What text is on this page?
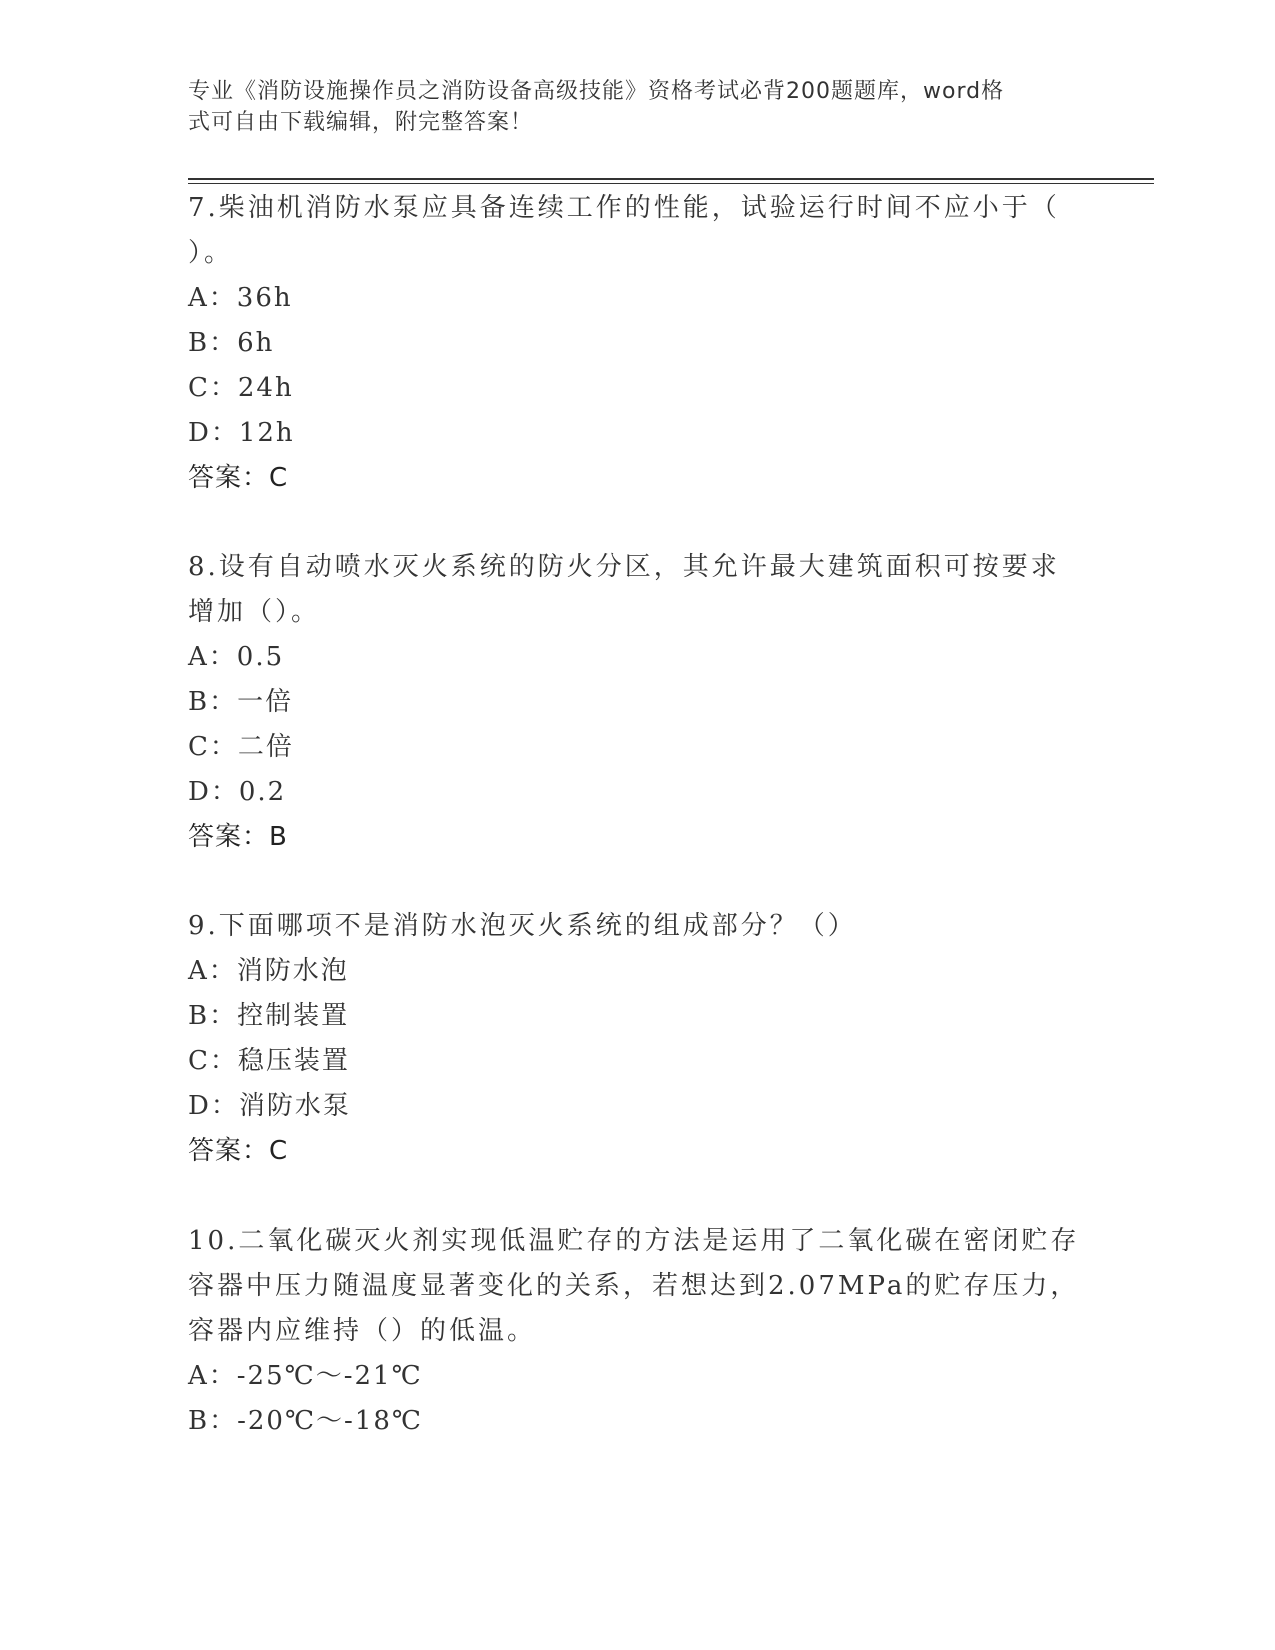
专业《消防设施操作员之消防设备高级技能》资格考试必背200题题库，word格
式可自由下载编辑，附完整答案！
7.柴油机消防水泵应具备连续工作的性能，试验运行时间不应小于（
）。
A：36h
B：6h
C：24h
D：12h
答案：C
8.设有自动喷水灭火系统的防火分区，其允许最大建筑面积可按要求
增加（）。
A：0.5
B：一倍
C：二倍
D：0.2
答案：B
9.下面哪项不是消防水泡灭火系统的组成部分？（）
A：消防水泡
B：控制装置
C：稳压装置
D：消防水泵
答案：C
10.二氧化碳灭火剂实现低温贮存的方法是运用了二氧化碳在密闭贮存
容器中压力随温度显著变化的关系，若想达到2.07MPa的贮存压力，
容器内应维持（）的低温。
A：-25℃～-21℃
B：-20℃～-18℃
